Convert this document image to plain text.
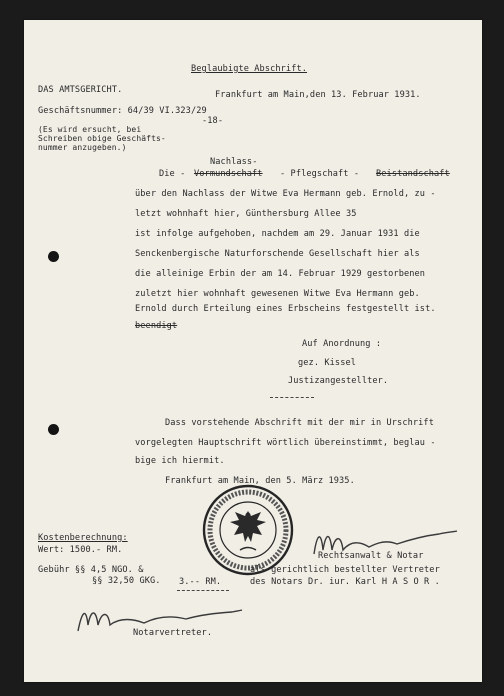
Beglaubigte Abschrift.
DAS AMTSGERICHT.	Frankfurt am Main,den 13. Februar 1931.
Geschäftsnummer: 64/39 VI.323/29
-18-
(Es wird ersucht, bei
Schreiben obige Geschäfts-
nummer anzugeben.)
Nachlass-
Die - Vormundschaft - Pflegschaft - Beistandschaft
über den Nachlass der Witwe Eva Hermann geb. Ernold, zu -
letzt wohnhaft hier, Günthersburg Allee 35
ist infolge aufgehoben, nachdem am 29. Januar 1931 die
Senckenbergische Naturforschende Gesellschaft hier als
die alleinige Erbin der am 14. Februar 1929 gestorbenen
zuletzt hier wohnhaft gewesenen Witwe Eva Hermann geb.
Ernold durch Erteilung eines Erbscheins festgestellt ist.
beendigt
Auf Anordnung :
gez. Kissel
Justizangestellter.
Dass vorstehende Abschrift mit der mir in Urschrift
vorgelegten Hauptschrift wörtlich übereinstimmt, beglau -
bige ich hiermit.
Frankfurt am Main, den 5. März 1935.
Kostenberechnung:
Wert: 1500.- RM.
Gebühr §§ 4,5 NGO. &
§§ 32,50 GKG. 3.-- RM.
Rechtsanwalt & Notar
als gerichtlich bestellter Vertreter
des Notars Dr. iur. Karl H A S O R .
Notarvertreter.
